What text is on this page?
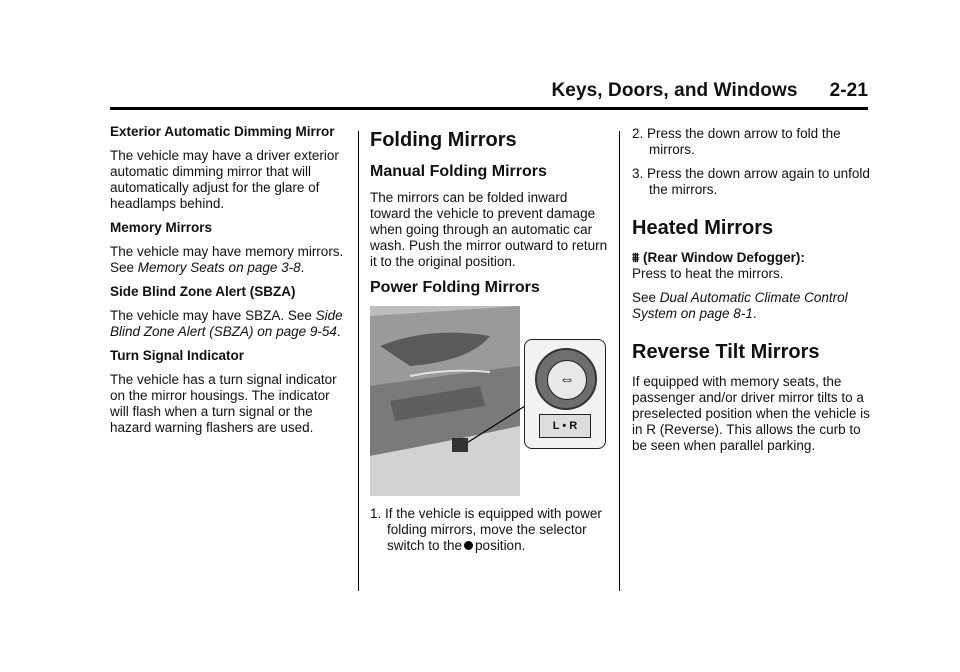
Keys, Doors, and Windows 2-21

Exterior Automatic Dimming Mirror

The vehicle may have a driver exterior automatic dimming mirror that will automatically adjust for the glare of headlamps behind.

Memory Mirrors

The vehicle may have memory mirrors. See Memory Seats on page 3-8.

Side Blind Zone Alert (SBZA)

The vehicle may have SBZA. See Side Blind Zone Alert (SBZA) on page 9-54.

Turn Signal Indicator

The vehicle has a turn signal indicator on the mirror housings. The indicator will flash when a turn signal or the hazard warning flashers are used.

Folding Mirrors
Manual Folding Mirrors

The mirrors can be folded inward toward the vehicle to prevent damage when going through an automatic car wash. Push the mirror outward to return it to the original position.

Power Folding Mirrors
⇔
L • R

1. If the vehicle is equipped with power folding mirrors, move the selector switch to the position.

2. Press the down arrow to fold the mirrors.

3. Press the down arrow again to unfold the mirrors.

Heated Mirrors

⩩ (Rear Window Defogger):
Press to heat the mirrors.

See Dual Automatic Climate Control System on page 8-1.

Reverse Tilt Mirrors

If equipped with memory seats, the passenger and/or driver mirror tilts to a preselected position when the vehicle is in R (Reverse). This allows the curb to be seen when parallel parking.
